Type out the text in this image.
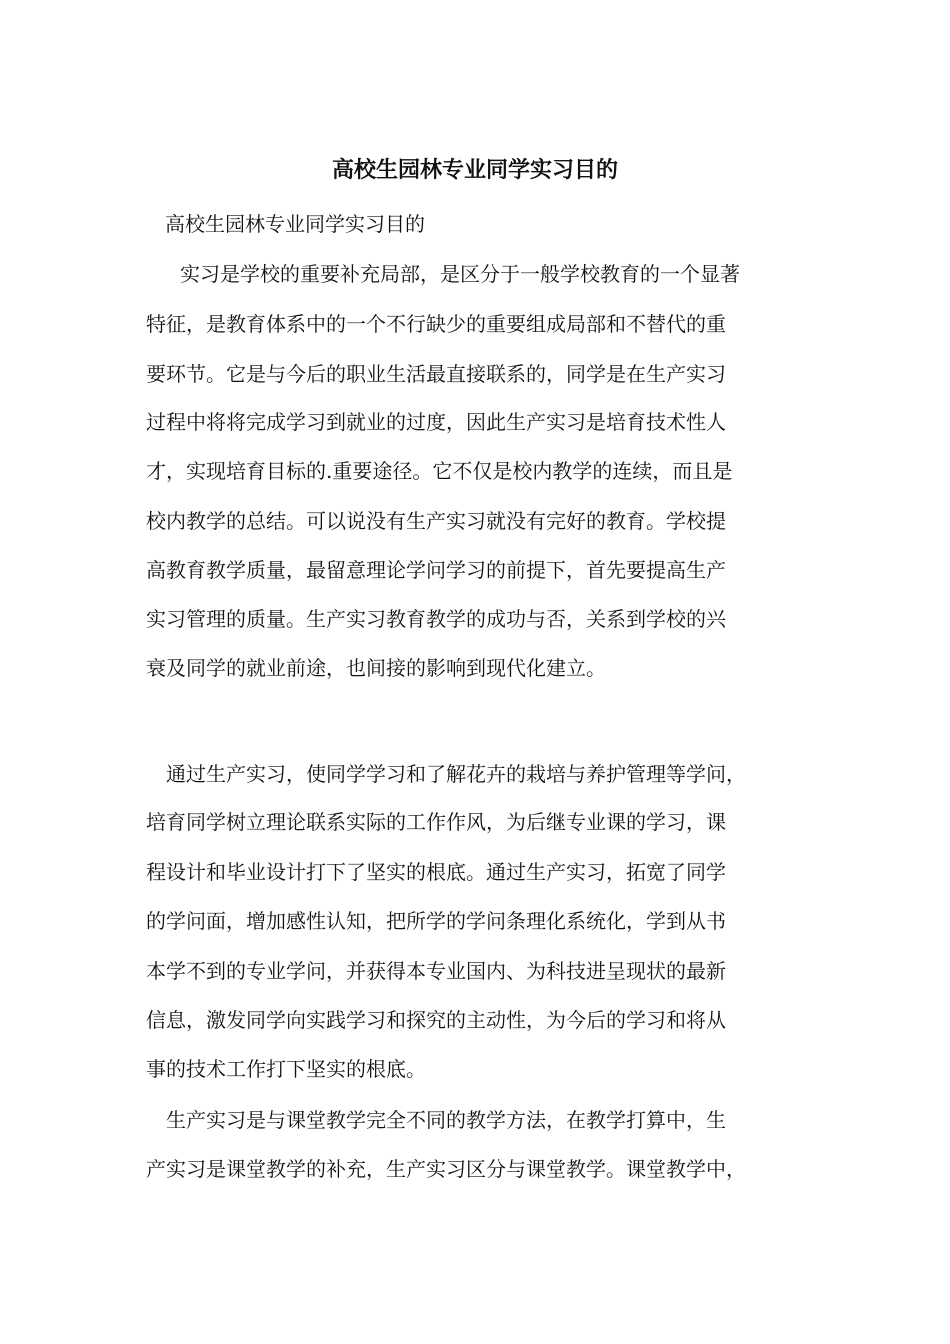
高校生园林专业同学实习目的
高校生园林专业同学实习目的
实习是学校的重要补充局部，是区分于一般学校教育的一个显著
特征，是教育体系中的一个不行缺少的重要组成局部和不替代的重
要环节。它是与今后的职业生活最直接联系的，同学是在生产实习
过程中将将完成学习到就业的过度，因此生产实习是培育技术性人
才，实现培育目标的.重要途径。它不仅是校内教学的连续，而且是
校内教学的总结。可以说没有生产实习就没有完好的教育。学校提
高教育教学质量，最留意理论学问学习的前提下，首先要提高生产
实习管理的质量。生产实习教育教学的成功与否，关系到学校的兴
衰及同学的就业前途，也间接的影响到现代化建立。
通过生产实习，使同学学习和了解花卉的栽培与养护管理等学问，
培育同学树立理论联系实际的工作作风，为后继专业课的学习，课
程设计和毕业设计打下了坚实的根底。通过生产实习，拓宽了同学
的学问面，增加感性认知，把所学的学问条理化系统化，学到从书
本学不到的专业学问，并获得本专业国内、为科技进呈现状的最新
信息，激发同学向实践学习和探究的主动性，为今后的学习和将从
事的技术工作打下坚实的根底。
生产实习是与课堂教学完全不同的教学方法，在教学打算中，生
产实习是课堂教学的补充，生产实习区分与课堂教学。课堂教学中，
